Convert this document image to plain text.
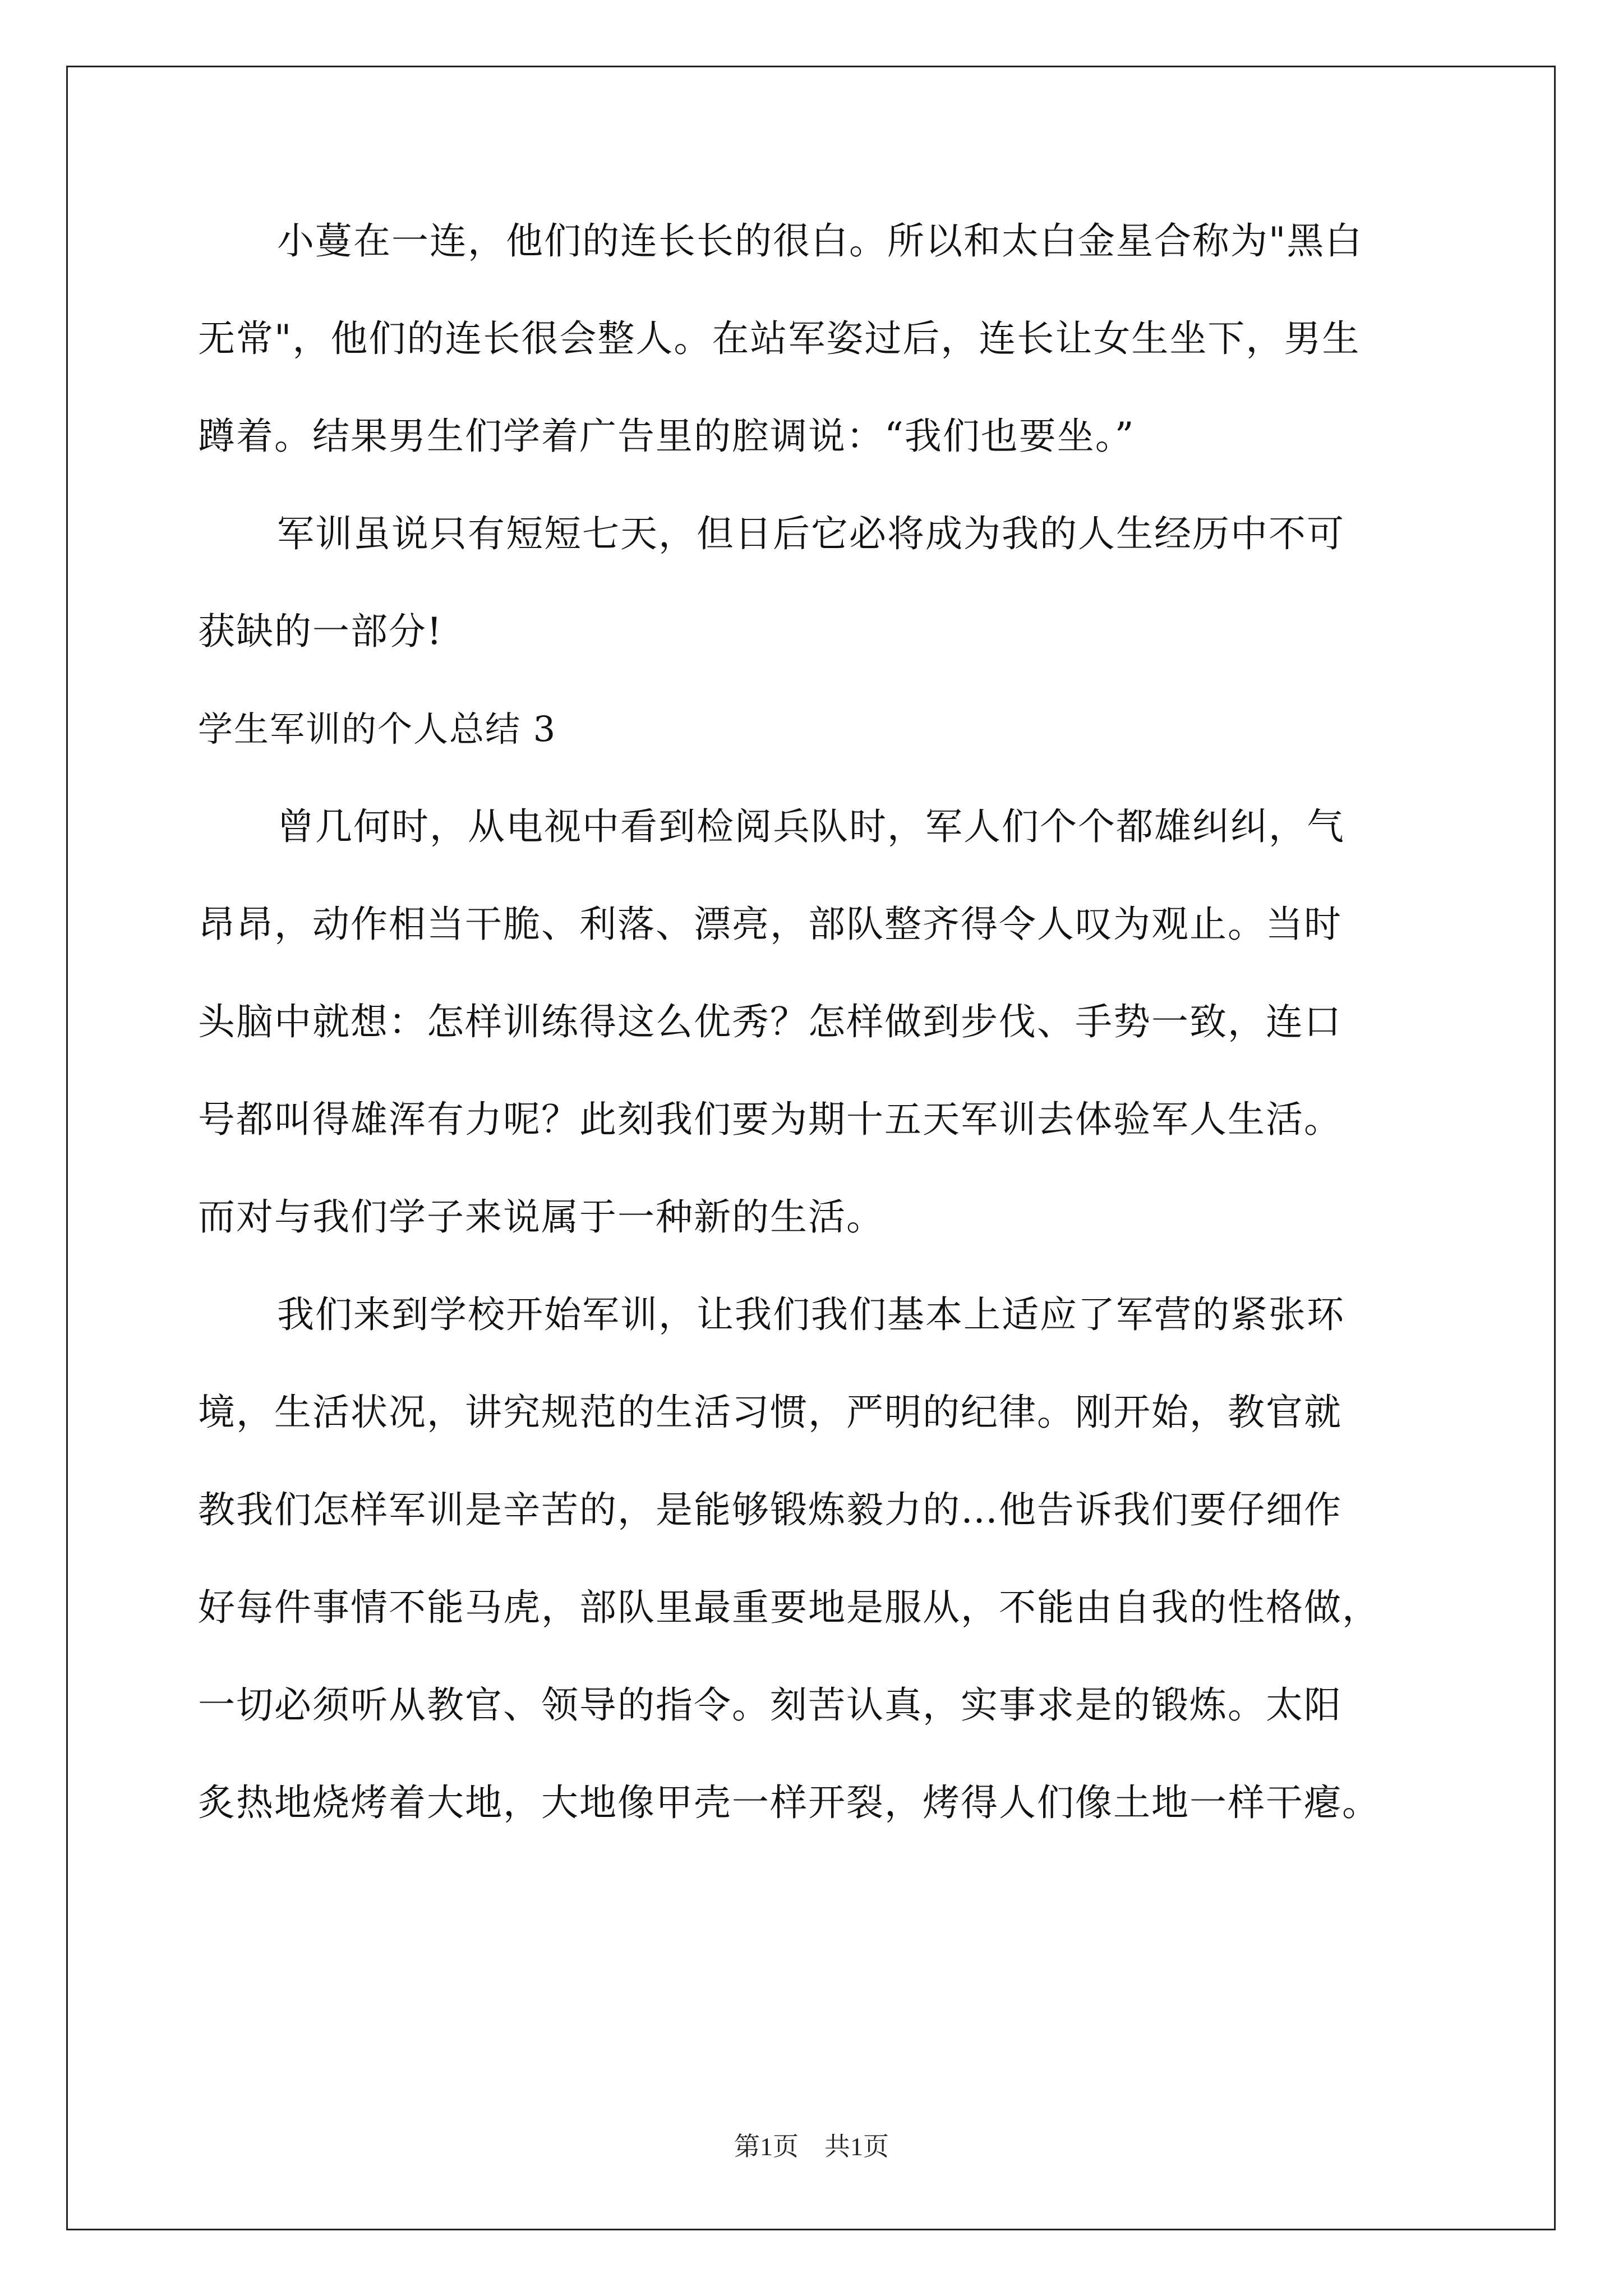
小蔓在一连，他们的连长长的很白。所以和太白金星合称为"黑白
无常"，他们的连长很会整人。在站军姿过后，连长让女生坐下，男生
蹲着。结果男生们学着广告里的腔调说：“我们也要坐。”
军训虽说只有短短七天，但日后它必将成为我的人生经历中不可
获缺的一部分!
学生军训的个人总结 3
曾几何时，从电视中看到检阅兵队时，军人们个个都雄纠纠，气
昂昂，动作相当干脆、利落、漂亮，部队整齐得令人叹为观止。当时
头脑中就想：怎样训练得这么优秀？怎样做到步伐、手势一致，连口
号都叫得雄浑有力呢？此刻我们要为期十五天军训去体验军人生活。
而对与我们学子来说属于一种新的生活。
我们来到学校开始军训，让我们我们基本上适应了军营的紧张环
境，生活状况，讲究规范的生活习惯，严明的纪律。刚开始，教官就
教我们怎样军训是辛苦的，是能够锻炼毅力的…他告诉我们要仔细作
好每件事情不能马虎，部队里最重要地是服从，不能由自我的性格做，
一切必须听从教官、领导的指令。刻苦认真，实事求是的锻炼。太阳
炙热地烧烤着大地，大地像甲壳一样开裂，烤得人们像土地一样干瘪。
第1页　共1页
